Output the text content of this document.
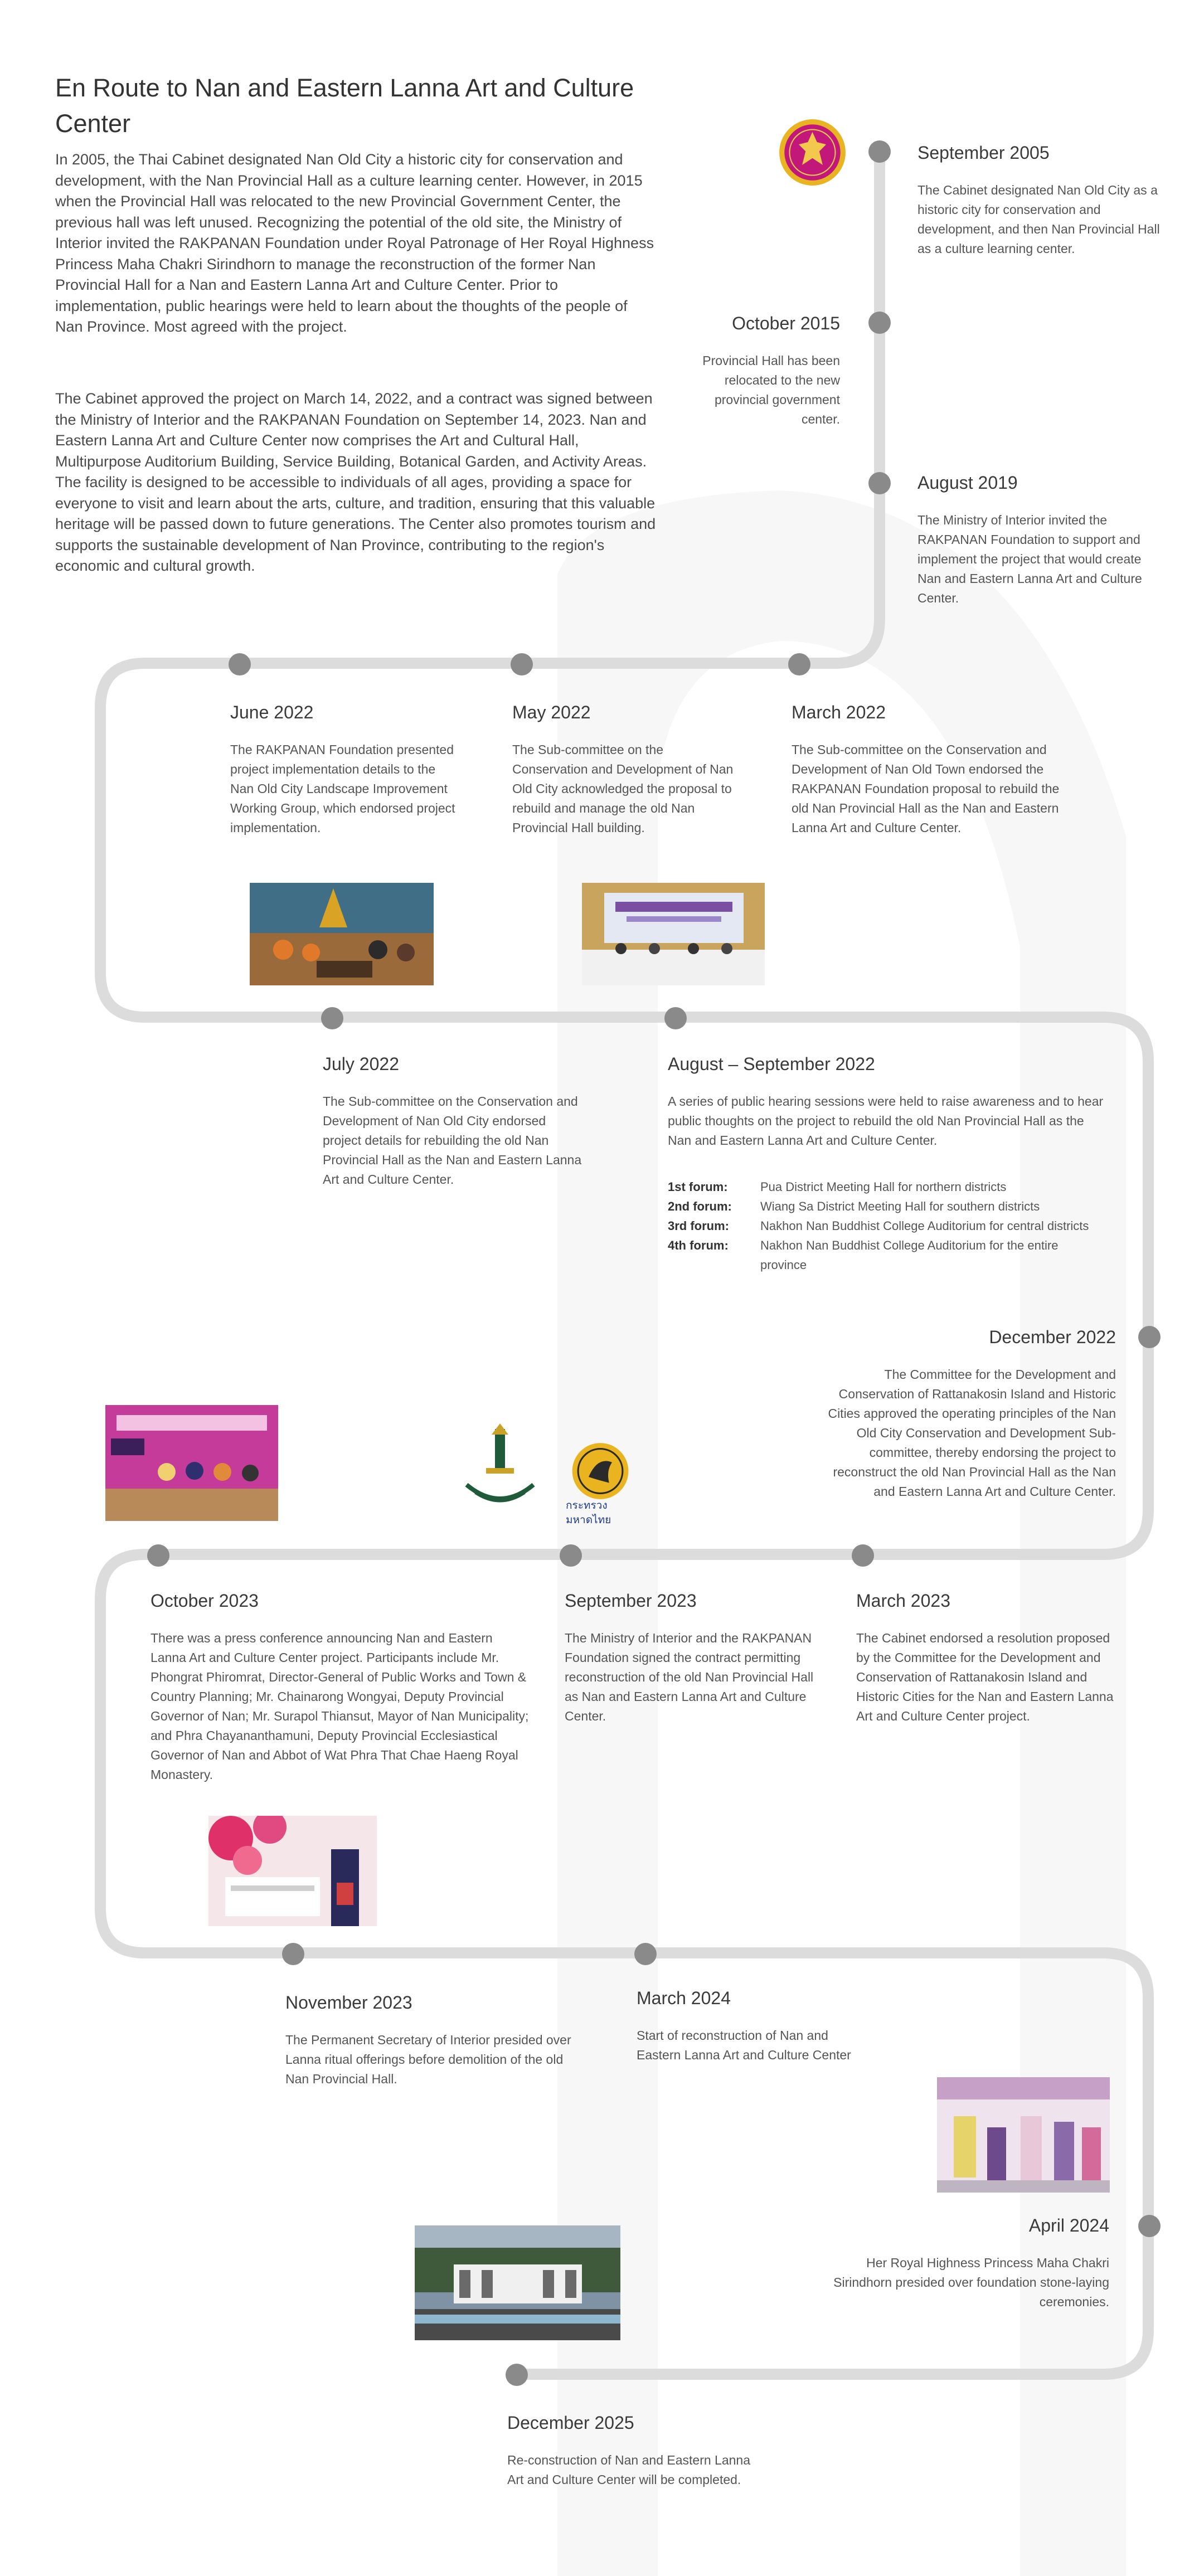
En Route to Nan and Eastern Lanna Art and Culture Center

In 2005, the Thai Cabinet designated Nan Old City a historic city for conservation and development, with the Nan Provincial Hall as a culture learning center. However, in 2015 when the Provincial Hall was relocated to the new Provincial Government Center, the previous hall was left unused. Recognizing the potential of the old site, the Ministry of Interior invited the RAKPANAN Foundation under Royal Patronage of Her Royal Highness Princess Maha Chakri Sirindhorn to manage the reconstruction of the former Nan Provincial Hall for a Nan and Eastern Lanna Art and Culture Center. Prior to implementation, public hearings were held to learn about the thoughts of the people of Nan Province. Most agreed with the project.

The Cabinet approved the project on March 14, 2022, and a contract was signed between the Ministry of Interior and the RAKPANAN Foundation on September 14, 2023. Nan and Eastern Lanna Art and Culture Center now comprises the Art and Cultural Hall, Multipurpose Auditorium Building, Service Building, Botanical Garden, and Activity Areas. The facility is designed to be accessible to individuals of all ages, providing a space for everyone to visit and learn about the arts, culture, and tradition, ensuring that this valuable heritage will be passed down to future generations. The Center also promotes tourism and supports the sustainable development of Nan Province, contributing to the region's economic and cultural growth.

September 2005

The Cabinet designated Nan Old City as a historic city for conservation and development, and then Nan Provincial Hall as a culture learning center.

October 2015

Provincial Hall has been relocated to the new provincial government center.

August 2019

The Ministry of Interior invited the RAKPANAN Foundation to support and implement the project that would create Nan and Eastern Lanna Art and Culture Center.

June 2022

The RAKPANAN Foundation presented project implementation details to the Nan Old City Landscape Improvement Working Group, which endorsed project implementation.

May 2022

The Sub-committee on the Conservation and Development of Nan Old City acknowledged the proposal to rebuild and manage the old Nan Provincial Hall building.

March 2022

The Sub-committee on the Conservation and Development of Nan Old Town endorsed the RAKPANAN Foundation proposal to rebuild the old Nan Provincial Hall as the Nan and Eastern Lanna Art and Culture Center.

July 2022

The Sub-committee on the Conservation and Development of Nan Old City endorsed project details for rebuilding the old Nan Provincial Hall as the Nan and Eastern Lanna Art and Culture Center.

August – September 2022

A series of public hearing sessions were held to raise awareness and to hear public thoughts on the project to rebuild the old Nan Provincial Hall as the Nan and Eastern Lanna Art and Culture Center.

1st forum:	Pua District Meeting Hall for northern districts
2nd forum:	Wiang Sa District Meeting Hall for southern districts
3rd forum:	Nakhon Nan Buddhist College Auditorium for central districts
4th forum:	Nakhon Nan Buddhist College Auditorium for the entire province
December 2022

The Committee for the Development and Conservation of Rattanakosin Island and Historic Cities approved the operating principles of the Nan Old City Conservation and Development Sub-committee, thereby endorsing the project to reconstruct the old Nan Provincial Hall as the Nan and Eastern Lanna Art and Culture Center.

October 2023

There was a press conference announcing Nan and Eastern Lanna Art and Culture Center project. Participants include Mr. Phongrat Phiromrat, Director-General of Public Works and Town & Country Planning; Mr. Chainarong Wongyai, Deputy Provincial Governor of Nan; Mr. Surapol Thiansut, Mayor of Nan Municipality; and Phra Chayananthamuni, Deputy Provincial Ecclesiastical Governor of Nan and Abbot of Wat Phra That Chae Haeng Royal Monastery.

September 2023

The Ministry of Interior and the RAKPANAN Foundation signed the contract permitting reconstruction of the old Nan Provincial Hall as Nan and Eastern Lanna Art and Culture Center.

March 2023

The Cabinet endorsed a resolution proposed by the Committee for the Development and Conservation of Rattanakosin Island and Historic Cities for the Nan and Eastern Lanna Art and Culture Center project.

November 2023

The Permanent Secretary of Interior presided over Lanna ritual offerings before demolition of the old Nan Provincial Hall.

March 2024

Start of reconstruction of Nan and Eastern Lanna Art and Culture Center

April 2024

Her Royal Highness Princess Maha Chakri Sirindhorn presided over foundation stone-laying ceremonies.

December 2025

Re-construction of Nan and Eastern Lanna Art and Culture Center will be completed.

กระทรวงมหาดไทย
